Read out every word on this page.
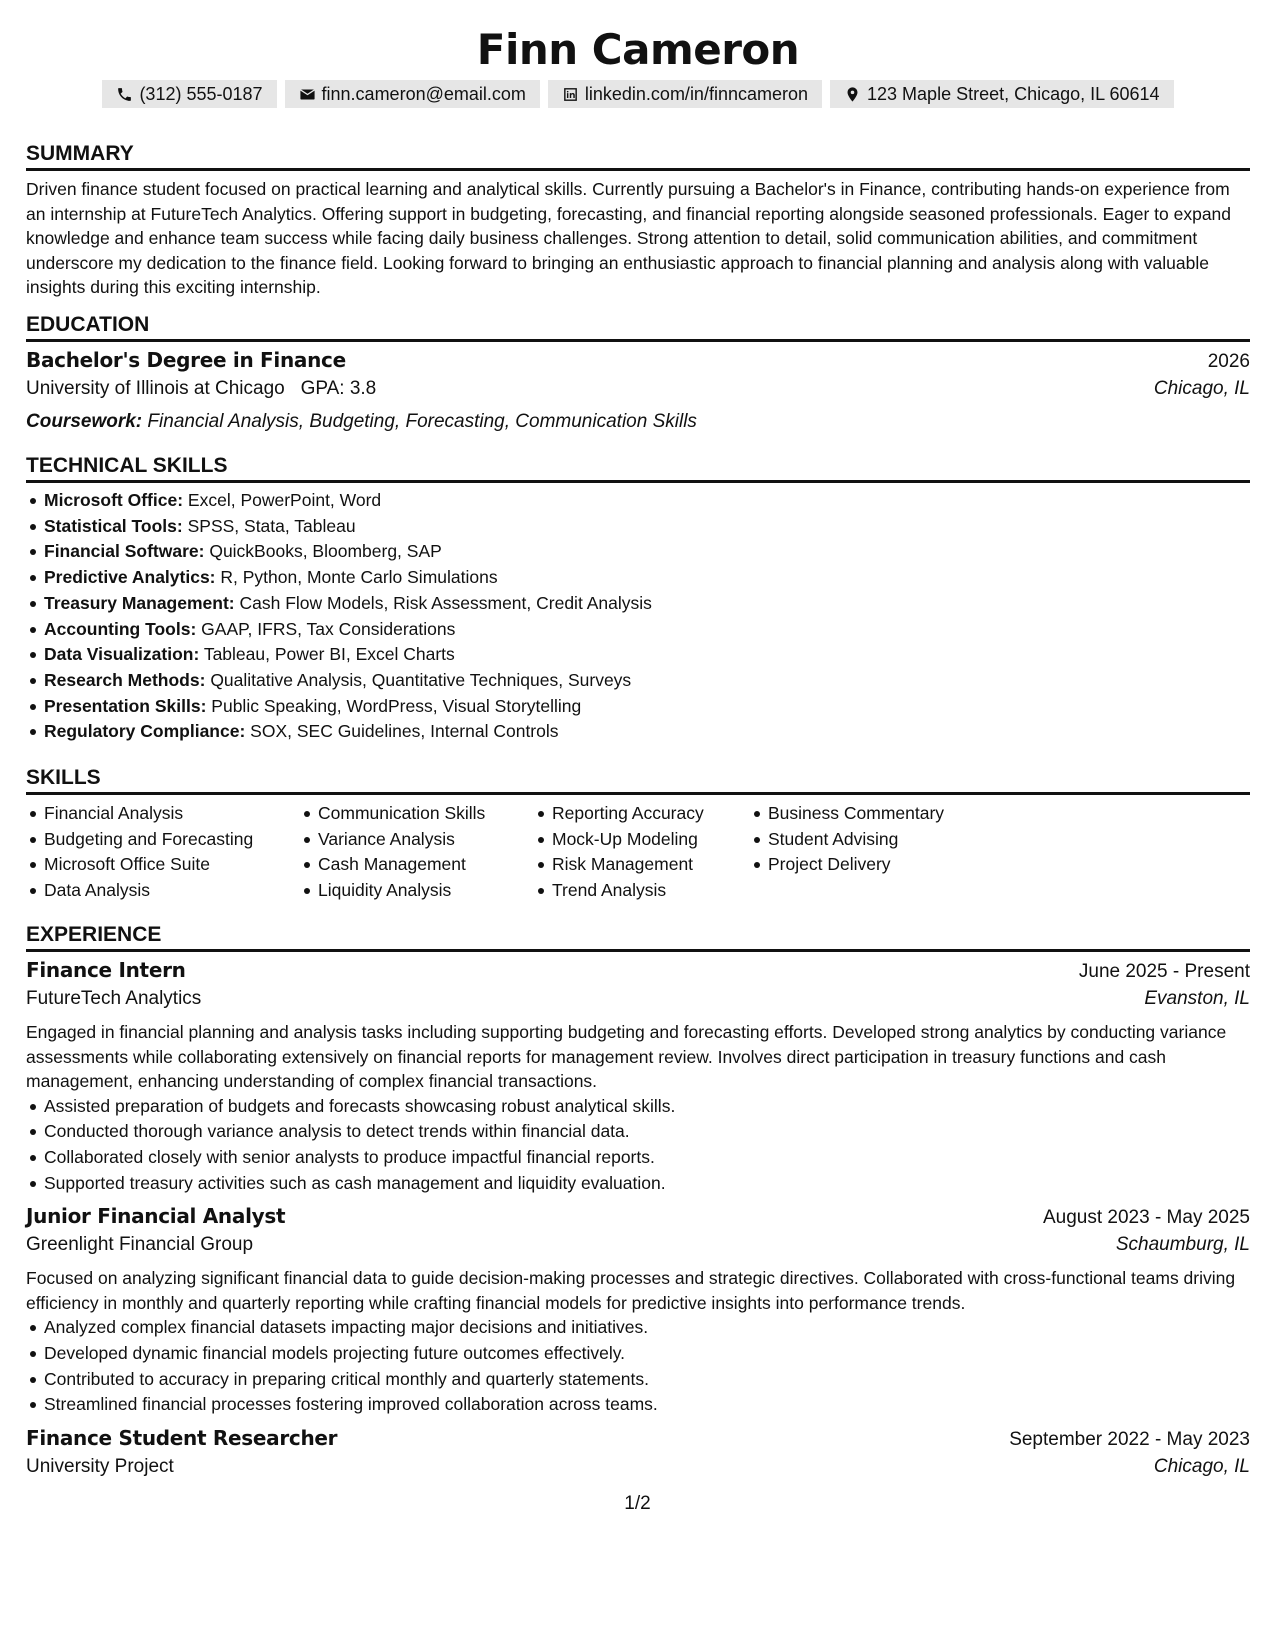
Finn Cameron
(312) 555-0187	finn.cameron@email.com	linkedin.com/in/finncameron	123 Maple Street, Chicago, IL 60614
SUMMARY

Driven finance student focused on practical learning and analytical skills. Currently pursuing a Bachelor's in Finance, contributing hands-on experience from an internship at FutureTech Analytics. Offering support in budgeting, forecasting, and financial reporting alongside seasoned professionals. Eager to expand knowledge and enhance team success while facing daily business challenges. Strong attention to detail, solid communication abilities, and commitment underscore my dedication to the finance field. Looking forward to bringing an enthusiastic approach to financial planning and analysis along with valuable insights during this exciting internship.

EDUCATION
Bachelor's Degree in Finance	2026
University of Illinois at Chicago GPA: 3.8	Chicago, IL
Coursework: Financial Analysis, Budgeting, Forecasting, Communication Skills
TECHNICAL SKILLS
Microsoft Office: Excel, PowerPoint, Word
Statistical Tools: SPSS, Stata, Tableau
Financial Software: QuickBooks, Bloomberg, SAP
Predictive Analytics: R, Python, Monte Carlo Simulations
Treasury Management: Cash Flow Models, Risk Assessment, Credit Analysis
Accounting Tools: GAAP, IFRS, Tax Considerations
Data Visualization: Tableau, Power BI, Excel Charts
Research Methods: Qualitative Analysis, Quantitative Techniques, Surveys
Presentation Skills: Public Speaking, WordPress, Visual Storytelling
Regulatory Compliance: SOX, SEC Guidelines, Internal Controls
SKILLS
Financial Analysis
Budgeting and Forecasting
Microsoft Office Suite
Data Analysis
Communication Skills
Variance Analysis
Cash Management
Liquidity Analysis
Reporting Accuracy
Mock-Up Modeling
Risk Management
Trend Analysis
Business Commentary
Student Advising
Project Delivery
EXPERIENCE
Finance Intern	June 2025 - Present
FutureTech Analytics	Evanston, IL

Engaged in financial planning and analysis tasks including supporting budgeting and forecasting efforts. Developed strong analytics by conducting variance assessments while collaborating extensively on financial reports for management review. Involves direct participation in treasury functions and cash management, enhancing understanding of complex financial transactions.

Assisted preparation of budgets and forecasts showcasing robust analytical skills.
Conducted thorough variance analysis to detect trends within financial data.
Collaborated closely with senior analysts to produce impactful financial reports.
Supported treasury activities such as cash management and liquidity evaluation.
Junior Financial Analyst	August 2023 - May 2025
Greenlight Financial Group	Schaumburg, IL

Focused on analyzing significant financial data to guide decision-making processes and strategic directives. Collaborated with cross-functional teams driving efficiency in monthly and quarterly reporting while crafting financial models for predictive insights into performance trends.

Analyzed complex financial datasets impacting major decisions and initiatives.
Developed dynamic financial models projecting future outcomes effectively.
Contributed to accuracy in preparing critical monthly and quarterly statements.
Streamlined financial processes fostering improved collaboration across teams.
Finance Student Researcher	September 2022 - May 2023
University Project	Chicago, IL
1/2
